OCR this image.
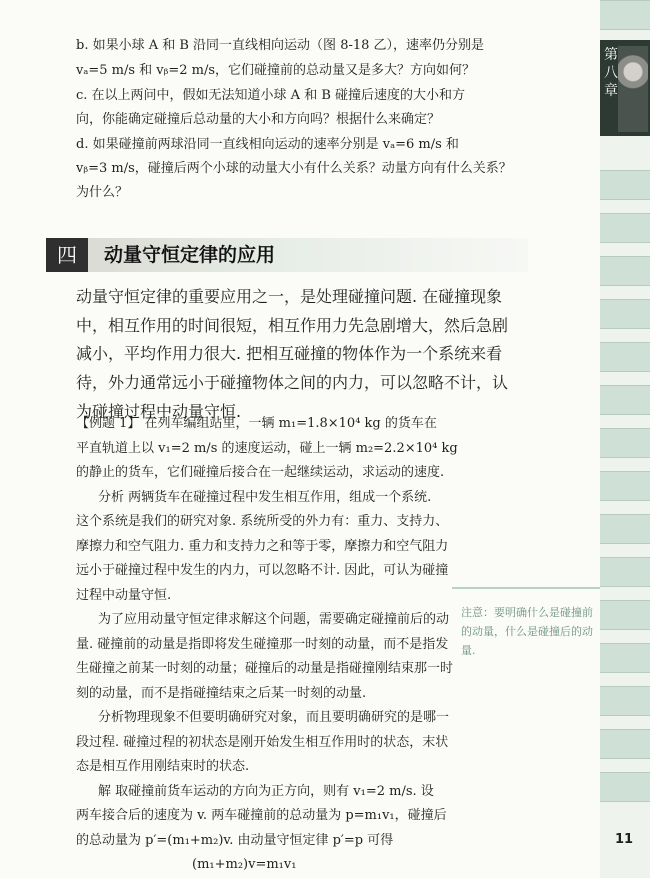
第八章
b. 如果小球 A 和 B 沿同一直线相向运动（图 8-18 乙），速率仍分别是
vₐ=5 m/s 和 vᵦ=2 m/s，它们碰撞前的总动量又是多大？方向如何？
c. 在以上两问中，假如无法知道小球 A 和 B 碰撞后速度的大小和方
向，你能确定碰撞后总动量的大小和方向吗？根据什么来确定？
d. 如果碰撞前两球沿同一直线相向运动的速率分别是 vₐ=6 m/s 和
vᵦ=3 m/s，碰撞后两个小球的动量大小有什么关系？动量方向有什么关系？
为什么？
四	动量守恒定律的应用
动量守恒定律的重要应用之一，是处理碰撞问题. 在碰撞现象中，相互作用的时间很短，相互作用力先急剧增大，然后急剧减小，平均作用力很大. 把相互碰撞的物体作为一个系统来看待，外力通常远小于碰撞物体之间的内力，可以忽略不计，认为碰撞过程中动量守恒.
【例题 1】 在列车编组站里，一辆 m₁=1.8×10⁴ kg 的货车在
平直轨道上以 v₁=2 m/s 的速度运动，碰上一辆 m₂=2.2×10⁴ kg
的静止的货车，它们碰撞后接合在一起继续运动，求运动的速度.
分析 两辆货车在碰撞过程中发生相互作用，组成一个系统.
这个系统是我们的研究对象. 系统所受的外力有：重力、支持力、
摩擦力和空气阻力. 重力和支持力之和等于零，摩擦力和空气阻力
远小于碰撞过程中发生的内力，可以忽略不计. 因此，可认为碰撞
过程中动量守恒.
为了应用动量守恒定律求解这个问题，需要确定碰撞前后的动
量. 碰撞前的动量是指即将发生碰撞那一时刻的动量，而不是指发
生碰撞之前某一时刻的动量；碰撞后的动量是指碰撞刚结束那一时
刻的动量，而不是指碰撞结束之后某一时刻的动量.
分析物理现象不但要明确研究对象，而且要明确研究的是哪一
段过程. 碰撞过程的初状态是刚开始发生相互作用时的状态，末状
态是相互作用刚结束时的状态.
解 取碰撞前货车运动的方向为正方向，则有 v₁=2 m/s. 设
两车接合后的速度为 v. 两车碰撞前的总动量为 p=m₁v₁，碰撞后
的总动量为 p′=(m₁+m₂)v. 由动量守恒定律 p′=p 可得
(m₁+m₂)v=m₁v₁
注意：要明确什么是碰撞前的动量，什么是碰撞后的动量.
11
